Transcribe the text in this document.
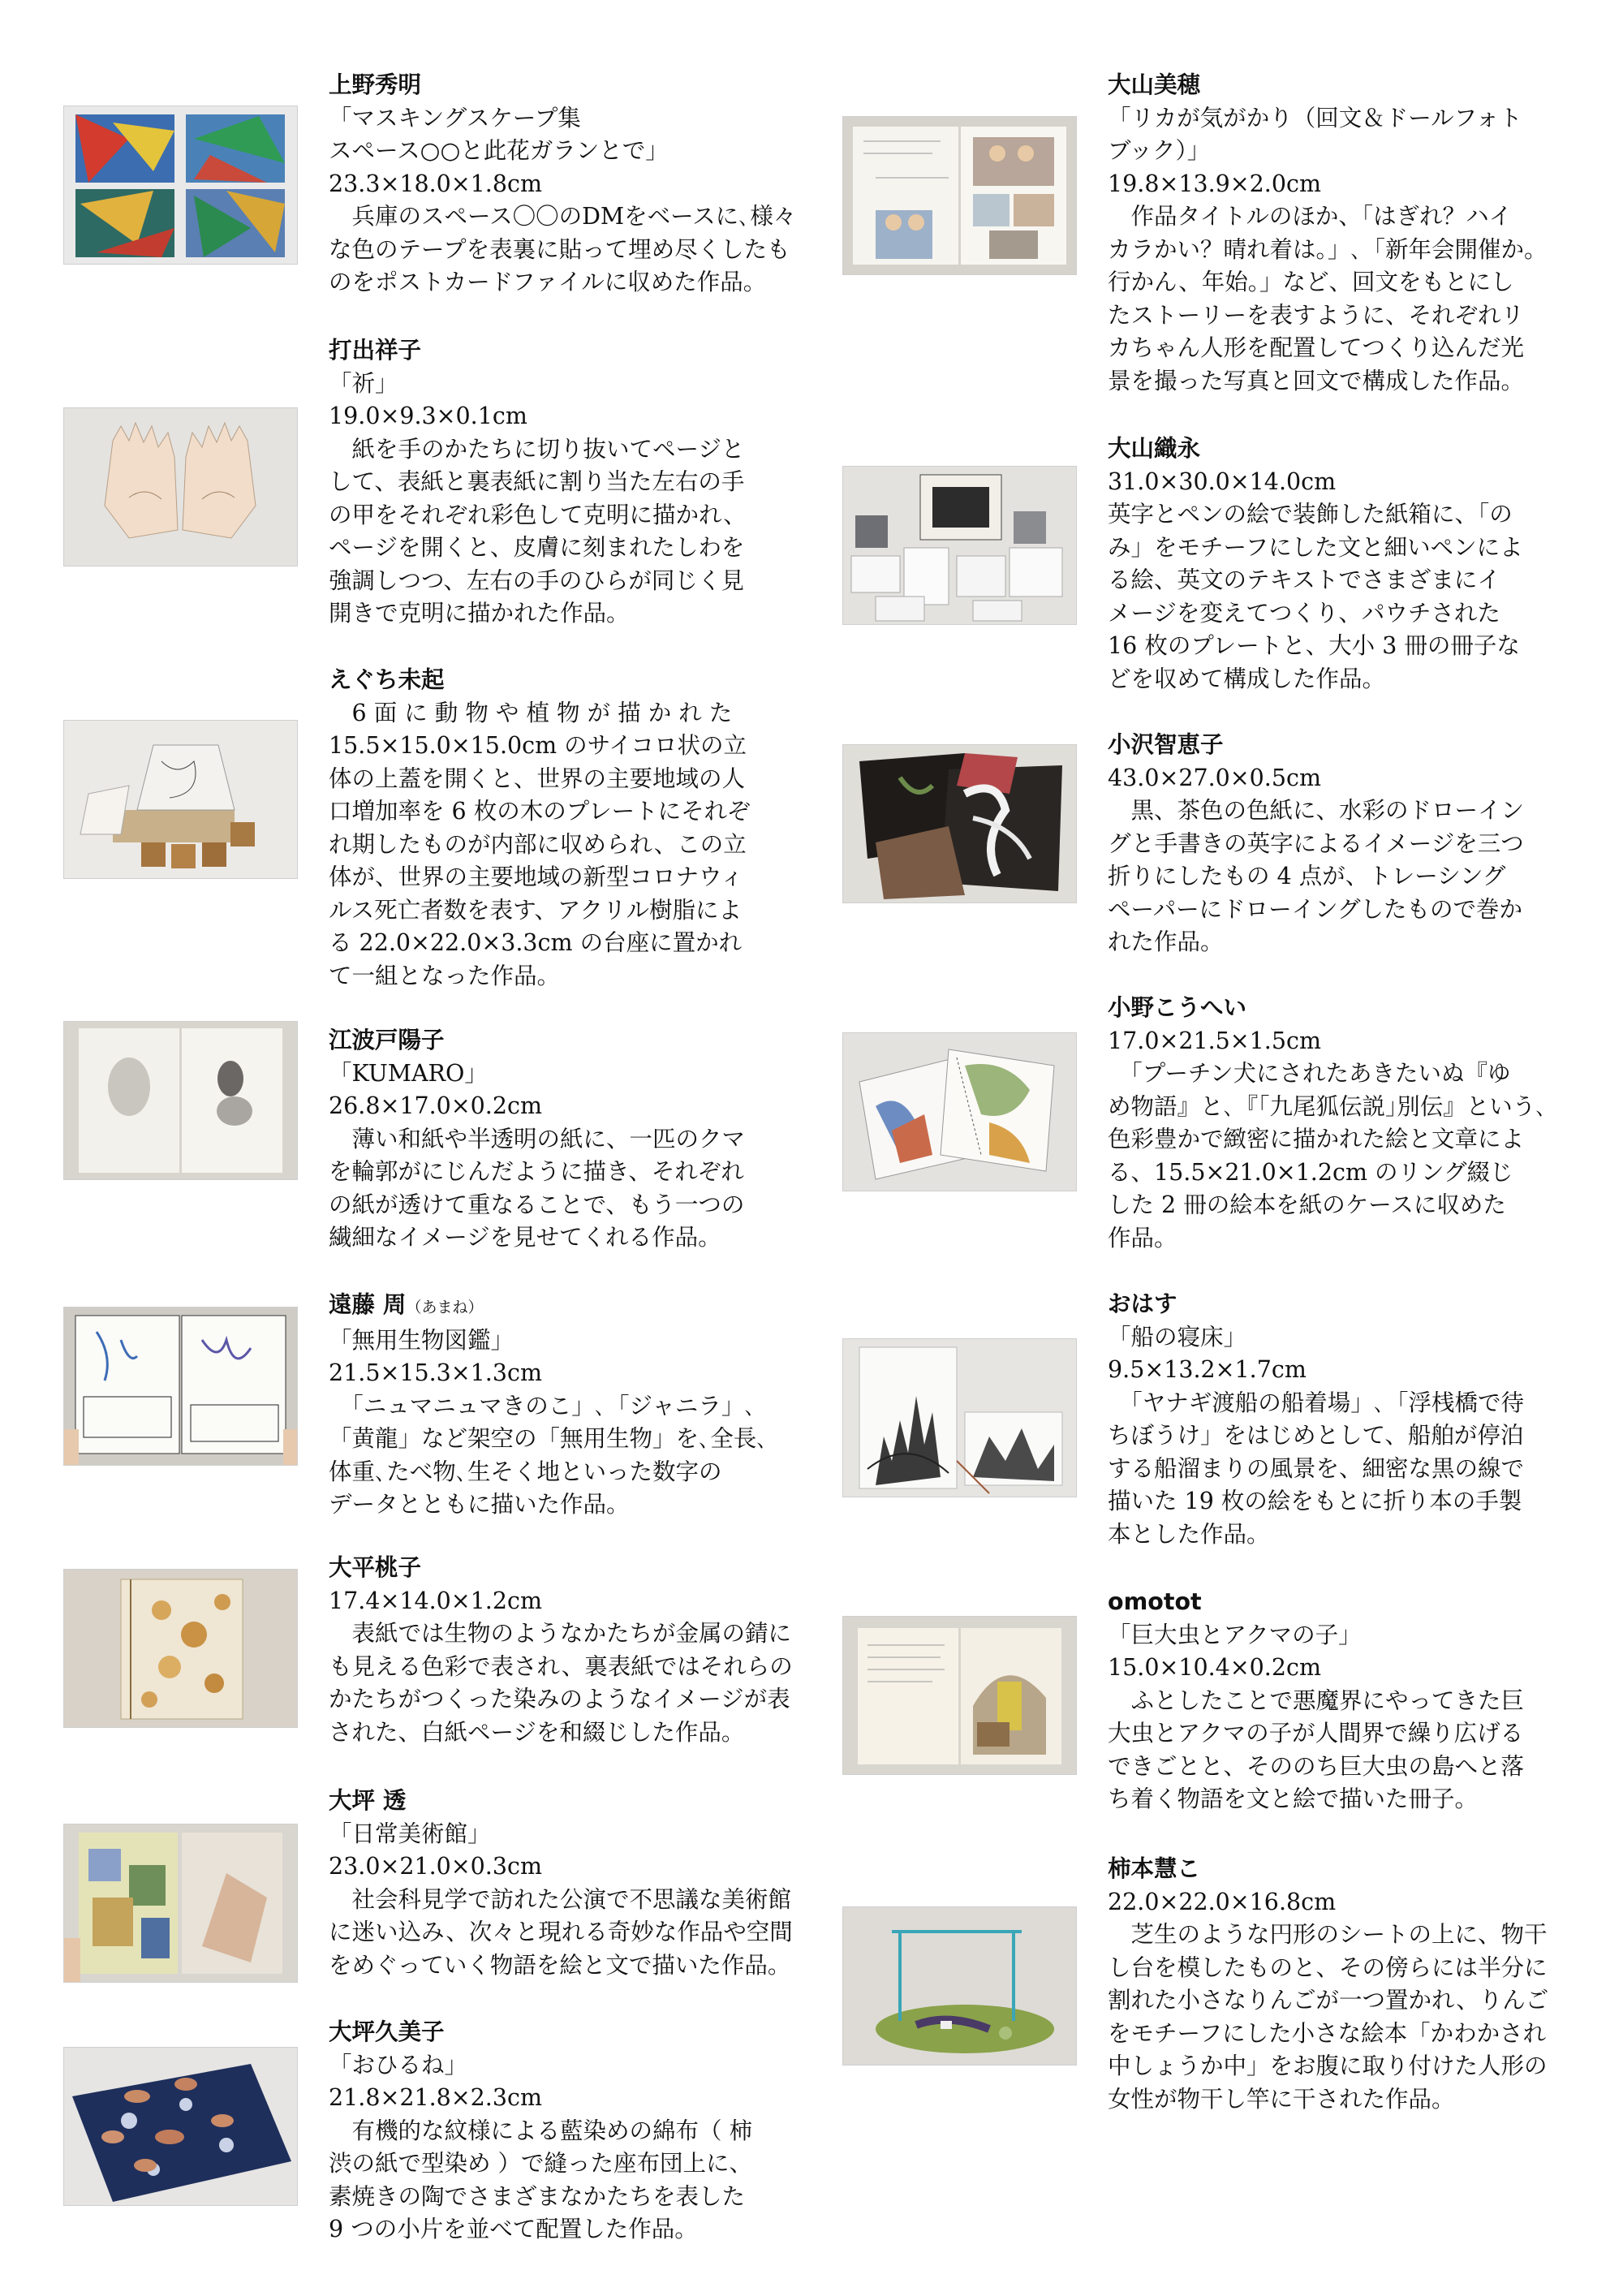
上野秀明
「マスキングスケープ集
スペース○○と此花ガランとで」
23.3×18.0×1.8cm
　兵庫のスペース〇〇のDMをベースに､様々
な色のテープを表裏に貼って埋め尽くしたも
のをポストカードファイルに収めた作品。
打出祥子
「祈」
19.0×9.3×0.1cm
　紙を手のかたちに切り抜いてページと
して、表紙と裏表紙に割り当た左右の手
の甲をそれぞれ彩色して克明に描かれ、
ページを開くと、皮膚に刻まれたしわを
強調しつつ、左右の手のひらが同じく見
開きで克明に描かれた作品。
えぐち未起
　6 面 に 動 物 や 植 物 が 描 か れ た
15.5×15.0×15.0cm のサイコロ状の立
体の上蓋を開くと、世界の主要地域の人
口増加率を 6 枚の木のプレートにそれぞ
れ期したものが内部に収められ、この立
体が、世界の主要地域の新型コロナウィ
ルス死亡者数を表す、アクリル樹脂によ
る 22.0×22.0×3.3cm の台座に置かれ
て一組となった作品。
江波戸陽子
「KUMARO」
26.8×17.0×0.2cm
　薄い和紙や半透明の紙に、一匹のクマ
を輪郭がにじんだように描き、それぞれ
の紙が透けて重なることで、もう一つの
繊細なイメージを見せてくれる作品。
遠藤 周（あまね）
「無用生物図鑑」
21.5×15.3×1.3cm
　「ニュマニュマきのこ」､「ジャニラ」､
「黄龍」など架空の「無用生物」を､全長､
体重､たべ物､生そく地といった数字の
データとともに描いた作品。
大平桃子
17.4×14.0×1.2cm
　表紙では生物のようなかたちが金属の錆に
も見える色彩で表され、裏表紙ではそれらの
かたちがつくった染みのようなイメージが表
された、白紙ページを和綴じした作品。
大坪 透
「日常美術館」
23.0×21.0×0.3cm
　社会科見学で訪れた公演で不思議な美術館
に迷い込み、次々と現れる奇妙な作品や空間
をめぐっていく物語を絵と文で描いた作品。
大坪久美子
「おひるね」
21.8×21.8×2.3cm
　有機的な紋様による藍染めの綿布（ 柿
渋の紙で型染め ）で縫った座布団上に、
素焼きの陶でさまざまなかたちを表した
9 つの小片を並べて配置した作品。
大山美穂
「リカが気がかり（回文＆ドールフォト
ブック）」
19.8×13.9×2.0cm
　作品タイトルのほか、「はぎれ？ハイ
カラかい？晴れ着は。」､「新年会開催か。
行かん、年始。」など、回文をもとにし
たストーリーを表すように、それぞれリ
カちゃん人形を配置してつくり込んだ光
景を撮った写真と回文で構成した作品。
大山織永
31.0×30.0×14.0cm
英字とペンの絵で装飾した紙箱に、「の
み」をモチーフにした文と細いペンによ
る絵、英文のテキストでさまざまにイ
メージを変えてつくり、パウチされた
16 枚のプレートと、大小 3 冊の冊子な
どを収めて構成した作品。
小沢智恵子
43.0×27.0×0.5cm
　黒、茶色の色紙に、水彩のドローイン
グと手書きの英字によるイメージを三つ
折りにしたもの 4 点が、トレーシング
ペーパーにドローイングしたもので巻か
れた作品。
小野こうへい
17.0×21.5×1.5cm
　「プーチン犬にされたあきたいぬ『ゆ
め物語』と､『｢九尾狐伝説｣別伝』という､
色彩豊かで緻密に描かれた絵と文章によ
る、15.5×21.0×1.2cm のリング綴じ
した 2 冊の絵本を紙のケースに収めた
作品。
おはす
「船の寝床」
9.5×13.2×1.7cm
　「ヤナギ渡船の船着場」､「浮桟橋で待
ちぼうけ」をはじめとして、船舶が停泊
する船溜まりの風景を、細密な黒の線で
描いた 19 枚の絵をもとに折り本の手製
本とした作品。
omotot
「巨大虫とアクマの子」
15.0×10.4×0.2cm
　ふとしたことで悪魔界にやってきた巨
大虫とアクマの子が人間界で繰り広げる
できごとと、そののち巨大虫の島へと落
ち着く物語を文と絵で描いた冊子。
柿本慧こ
22.0×22.0×16.8cm
　芝生のような円形のシートの上に、物干
し台を模したものと、その傍らには半分に
割れた小さなりんごが一つ置かれ、りんご
をモチーフにした小さな絵本「かわかされ
中しょうか中」をお腹に取り付けた人形の
女性が物干し竿に干された作品。
